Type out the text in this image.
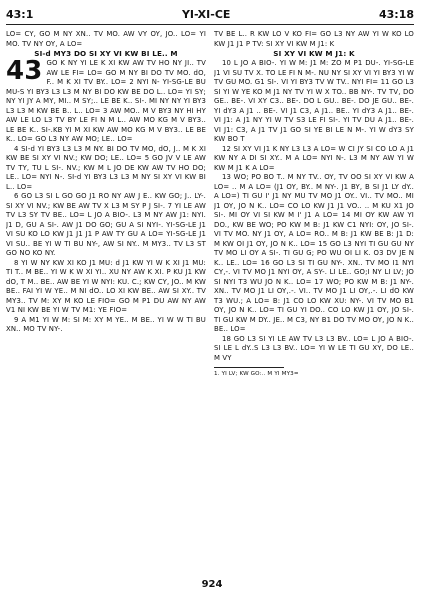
43:1	YI-XI-CE	43:18

LO= CY, GO M NY XN.. TV MO. AW VY OY, JO.. LO= YI MO. TV NY OY, A LO=

SI-d MY3 DO SI XY VI KW BI LE.. M

43 GO K NY YI LE K XI KW AW TV HO NY JI.. TV AW LE FI= LO= GO M NY BI DO TV MO. dO, F.. M K XI TV BY.. LO= 2 NYI N- YI-SG-LE BU MU-S YI BY3 L3 L3 M NY BI DO KW BE DO L.. LO= YI SY; NY YI JY A MY, MI.. M SY;.. LE BE K.. SI-. MI NY NY YI BY3 L3 L3 M KW BE B.. L.. LO= 3 AW MO.. M V BY3 NY HI HY AW LE LO L3 TV BY LE FI N M L.. AW MO KG M V BY3.. LE BE K.. SI-.KB YI M XI KW AW MO KG M V BY3.. LE BE K.. LO= GO L3 NY AW MO; LE.. LO=

4 SI-d YI BY3 L3 L3 M NY. BI DO TV MO, dO, J.. M K XI KW BE SI XY VI NV.; KW DO; LE.. LO= 5 GO JV V LE AW TV TY, TU L SI-. NV.; KW M L JO DE KW AW TV HO DO; LE.. LO= NYI N-. SI-d YI BY3 L3 L3 M NY SI XY VI KW BI L.. LO=

6 GO L3 SI L GO GO J1 RO NY AW J E.. KW GO; J.. LY-. SI XY VI NV.; KW BE AW TV X L3 M SY P J SI-. 7 YI LE AW TV L3 SY TV BE.. LO= L JO A BIO-. L3 M NY AW J1: NYI. J1 D, GU A SI-. AW J1 DO GO; GU A SI NYI-. YI-SG-LE J1 VI SU KO LO KW J1 J1 J1 P AW TY GU A LO= YI-SG-LE J1 VI SU.. BE YI W TI BU NY-, AW SI NY.. M MY3.. TV L3 ST GO NO KO NY.

8 YI W NY KW XI KO J1 MU: d J1 KW YI W K XI J1 MU: TI T.. M BE.. YI W K W XI YI.. XU NY AW K XI. P KU J1 KW dO, T M.. BE.. AW BE YI W NYI: KU. C.; KW CY, JO.. M KW BE.. FAI YI W YE.. M NI dO.. LO XI KW BE.. AW SI XY.. TV MY3.. TV M: XY M KO LE FIO= GO M P1 DU AW NY AW V1 NI KW BE YI W TV M1: YE FIO=

9 A M1 YI W M: SI M: XY M YE.. M BE.. YI W W TI BU XN.. MO TV NY-.

TV BE L.. R KW LO V KO FI= GO L3 NY AW YI W KO LO KW J1 J1 P TV: SI XY VI KW M J1: K

SI XY VI KW M J1: K

10 L JO A BIO-. YI W M: J1 M: ZO M P1 DU-. YI-SG-LE J1 VI SU TV X. TO LE FI N M-. NU NY SI XY VI YI BY3 YI W TV GU MO. G1 SI-. VI YI BY3 TV W TV.. NYI FI= 11 GO L3 SI YI W YE KO M J1 NY TV YI W X TO.. BB NY-. TV TV, DO GE.. BE-. VI XY C3.. BE-. DO L GU.. BE-. DO JE GU.. BE-. YI dY3 A J1 .. BE-. VI J1 C3, A J1.. BE.. YI dY3 A J1.. BE-. VI J1: A J1 NY YI W TV S3 LE FI SI-. YI TV DU A J1.. BE-. VI J1: C3, A J1 TV J1 GO SI YE BI LE N M-. YI W dY3 SY KW BO T

12 SI XY VI J1 K NY L3 L3 A LO= W CI JY SI CO LO A J1 KW NY A DI SI XY.. M A LO= NYI N-. L3 M NY AW YI W KW M J1 K A LO=

13 WO; PO BO T.. M NY TV.. OY, TV OO SI XY VI KW A LO= .. M A LO= (J1 OY, BY.. M NY-. J1 BY, B SI J1 LY dY.. A LO=) TI GU I' J1 NY MU TV MO J1 OY.. VI.. TV MO.. MI J1 OY, JO N K.. LO= CO LO KW J1 J1 VO.. .. M KU X1 JO SI-. MI OY VI SI KW M I' J1 A LO= 14 MI OY KW AW YI DO., KW BE WO; PO KW M B: J1 KW C1 NYI: OY, JO SI-. VI TV MO. NY J1 OY, A LO= RO.. M B: J1 KW BE B: J1 D: M KW OI J1 OY, JO N K.. LO= 15 GO L3 NYI TI GU GU NY TV MO LI OY A SI-. TI GU G; PO WU OI LI K. O3 DV JE N K.. LE.. LO= 16 GO L3 SI TI GU NY-. XN.. TV MO I1 NYI CY,-. VI TV MO J1 NYI OY, A SY-. LI LE.. GO;I NY LI LV; JO SI NYI T3 WU JO N K.. LO= 17 WO; PO KW M B: J1 NY-. XN.. TV MO J1 LI OY,.-. VI.. TV MO J1 LI OY,.-. LI dO KW T3 WU.; A LO= B: J1 CO LO KW XU: NY-. VI TV MO B1 OY, JO N K.. LO= TI GU YI DO.. CO LO KW J1 OY, JO SI-. TI GU KW M DY.. JE.. M C3, NY B1 DO TV MO OY, JO N K.. BE.. LO=

18 GO L3 SI YI LE AW TV L3 L3 BV.. LO= L JO A BIO-. SI LE L dY..S L3 L3 BV.. LO= YI W LE TI GU XY, DO LE.. M VY

1. YI LV; KW GO:.. M YI MY3=

924
